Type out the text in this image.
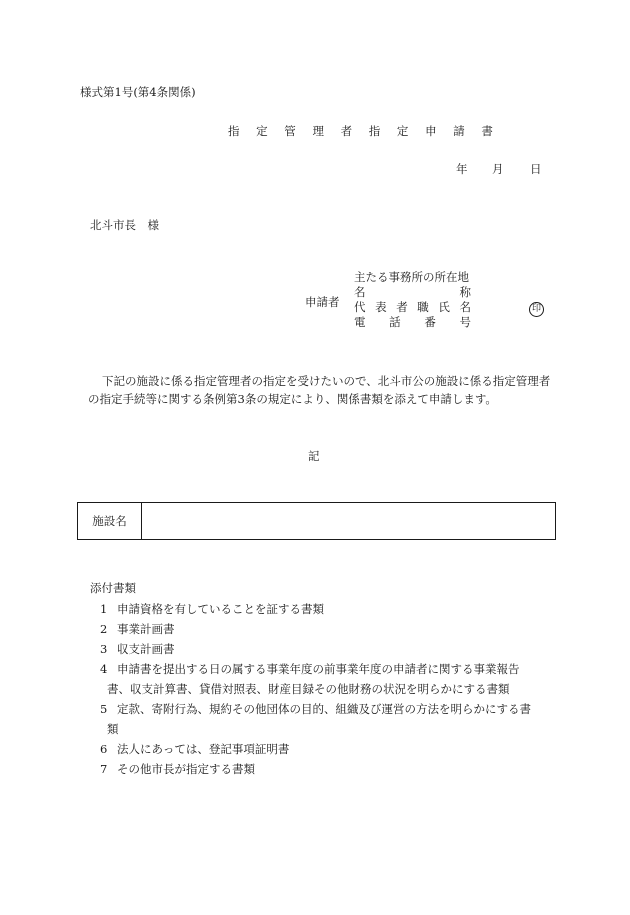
様式第1号(第4条関係)
指 定 管 理 者 指 定 申 請 書
年 月 日
北斗市長　様
申請者
主たる事務所の所在地
名	称
代 表 者 職 氏 名
電 話 番 号
印
下記の施設に係る指定管理者の指定を受けたいので、北斗市公の施設に係る指定管理者の指定手続等に関する条例第3条の規定により、関係書類を添えて申請します。
記
施設名
添付書類
1 申請資格を有していることを証する書類
2 事業計画書
3 収支計画書
4 申請書を提出する日の属する事業年度の前事業年度の申請者に関する事業報告
書、収支計算書、貸借対照表、財産目録その他財務の状況を明らかにする書類
5 定款、寄附行為、規約その他団体の目的、組織及び運営の方法を明らかにする書
類
6 法人にあっては、登記事項証明書
7 その他市長が指定する書類
